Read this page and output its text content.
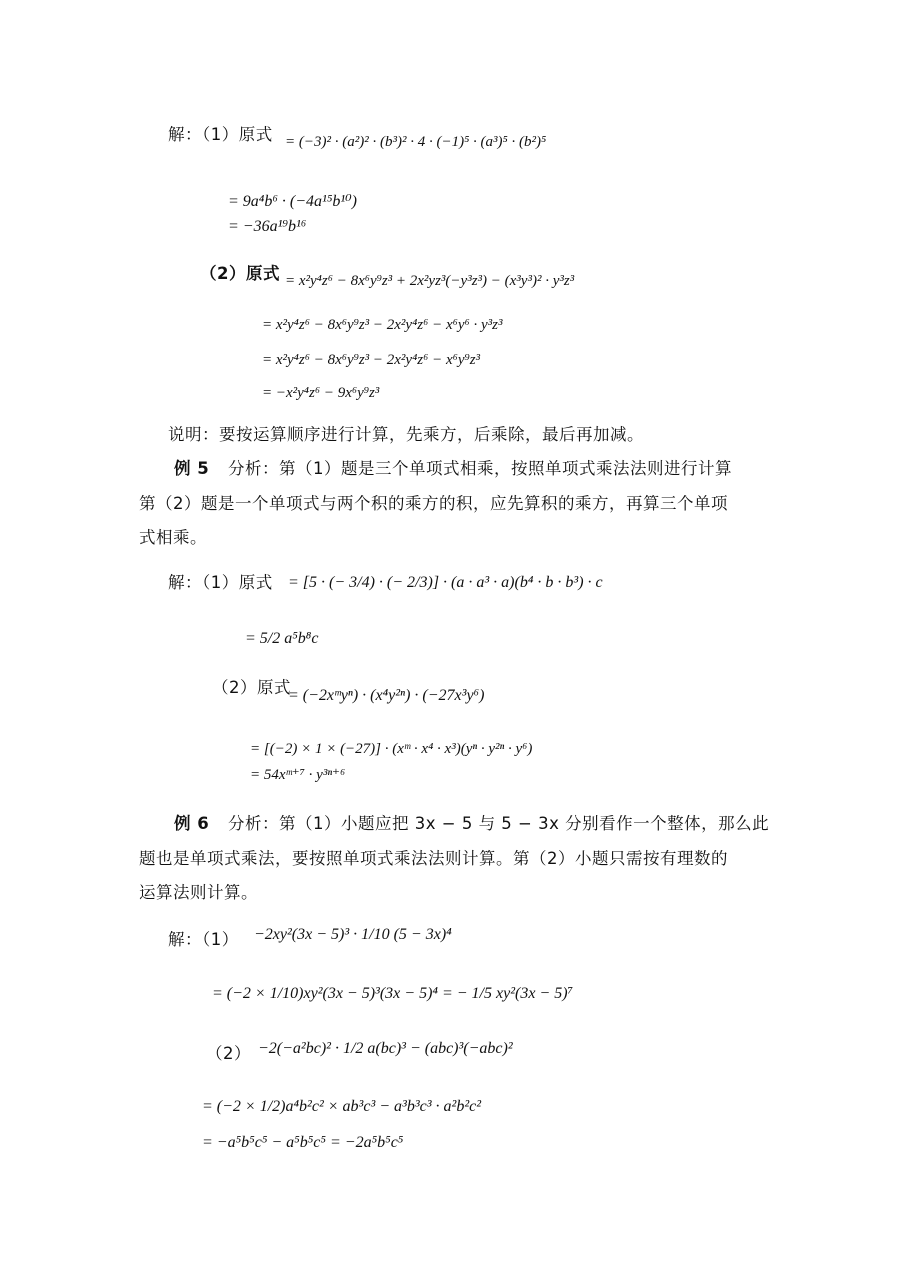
解：（1）原式 = (−3)² · (a²)² · (b³)² · 4 · (−1)⁵ · (a³)⁵ · (b²)⁵
= 9a⁴b⁶ · (−4a¹⁵b¹⁰)
= −36a¹⁹b¹⁶
（2）原式 = x²y⁴z⁶ − 8x⁶y⁹z³ + 2x²yz³(−y³z³) − (x³y³)² · y³z³
= x²y⁴z⁶ − 8x⁶y⁹z³ − 2x²y⁴z⁶ − x⁶y⁶ · y³z³
= x²y⁴z⁶ − 8x⁶y⁹z³ − 2x²y⁴z⁶ − x⁶y⁹z³
= −x²y⁴z⁶ − 9x⁶y⁹z³
说明：要按运算顺序进行计算，先乘方，后乘除，最后再加减。
例 5 分析：第（1）题是三个单项式相乘，按照单项式乘法法则进行计算
第（2）题是一个单项式与两个积的乘方的积，应先算积的乘方，再算三个单项
式相乘。
解：（1）原式 = [5 · (− 3/4) · (− 2/3)] · (a · a³ · a)(b⁴ · b · b³) · c
= 5/2 a⁵b⁸c
（2）原式
= (−2xᵐyⁿ) · (x⁴y²ⁿ) · (−27x³y⁶)
= [(−2) × 1 × (−27)] · (xᵐ · x⁴ · x³)(yⁿ · y²ⁿ · y⁶)
= 54xᵐ⁺⁷ · y³ⁿ⁺⁶
例 6 分析：第（1）小题应把 3x − 5 与 5 − 3x 分别看作一个整体，那么此
题也是单项式乘法，要按照单项式乘法法则计算。第（2）小题只需按有理数的
运算法则计算。
解：（1） −2xy²(3x − 5)³ · 1/10 (5 − 3x)⁴
= (−2 × 1/10)xy²(3x − 5)³(3x − 5)⁴ = − 1/5 xy²(3x − 5)⁷
（2） −2(−a²bc)² · 1/2 a(bc)³ − (abc)³(−abc)²
= (−2 × 1/2)a⁴b²c² × ab³c³ − a³b³c³ · a²b²c²
= −a⁵b⁵c⁵ − a⁵b⁵c⁵ = −2a⁵b⁵c⁵
